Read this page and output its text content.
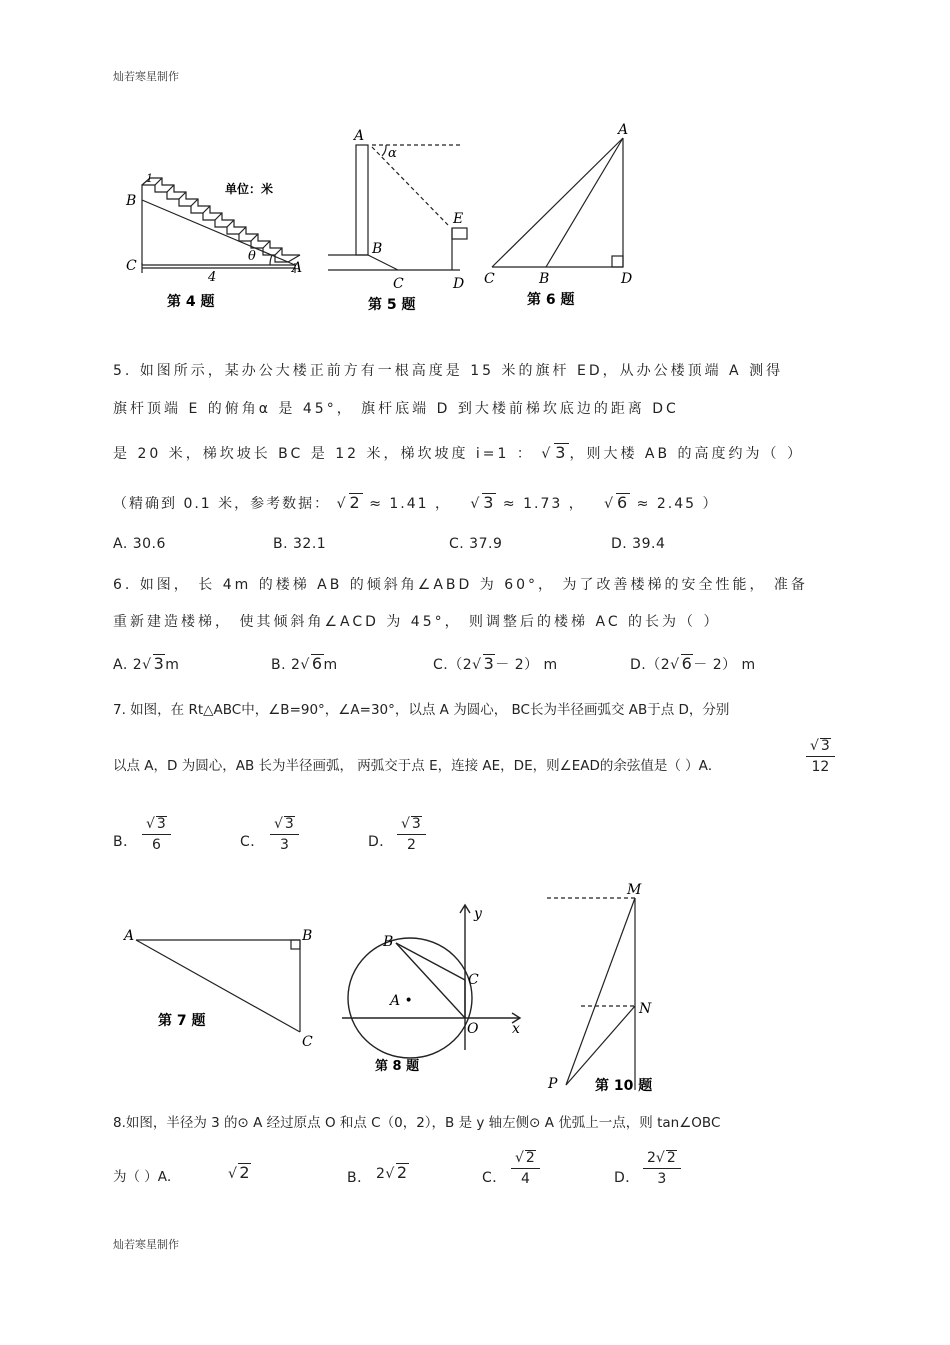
灿若寒星制作
B
C	A
1
4
θ
单位：米
第 4 题
A
α
E
B
C	D
第 5 题
A
C	B	D
第 6 题
5. 如图所示，某办公大楼正前方有一根高度是 15 米的旗杆 ED，从办公楼顶端 A 测得
旗杆顶端 E 的俯角α 是 45°， 旗杆底端 D 到大楼前梯坎底边的距离 DC
是 20 米，梯坎坡长 BC 是 12 米，梯坎坡度 i=1 ： √ 3，则大楼 AB 的高度约为（ ）
（精确到 0.1 米，参考数据： √ 2 ≈ 1.41 ，   √ 3 ≈ 1.73 ，   √ 6 ≈ 2.45 ）
A. 30.6	B. 32.1	C. 37.9	D. 39.4
6. 如图， 长 4m 的楼梯 AB 的倾斜角∠ABD 为 60°， 为了改善楼梯的安全性能， 准备
重新建造楼梯， 使其倾斜角∠ACD 为 45°， 则调整后的楼梯 AC 的长为（ ）
A. 2√ 3m	B. 2√ 6m	C.（2√ 3－ 2） m	D.（2√ 6－ 2） m
7. 如图，在 Rt△ABC中，∠B=90°，∠A=30°，以点 A 为圆心， BC长为半径画弧交 AB于点 D，分别
以点 A，D 为圆心，AB 长为半径画弧， 两弧交于点 E，连接 AE，DE，则∠EAD的余弦值是（ ）A．	$\frac{√ 3}{12}$
B． $\frac{√ 3}{6}$	C． $\frac{√ 3}{3}$	D． $\frac{√ 3}{2}$
A	B
C
第 7 题
y
B
C
A •
O x
第 8 题
M
N
P	第 10 题
8.如图，半径为 3 的⊙ A 经过原点 O 和点 C（0，2），B 是 y 轴左侧⊙ A 优弧上一点，则 tan∠OBC
为（ ）A．	√ 2	B． 2√ 2	C． $\frac{√ 2}{4}$	D． $\frac{2√ 2}{3}$
灿若寒星制作
